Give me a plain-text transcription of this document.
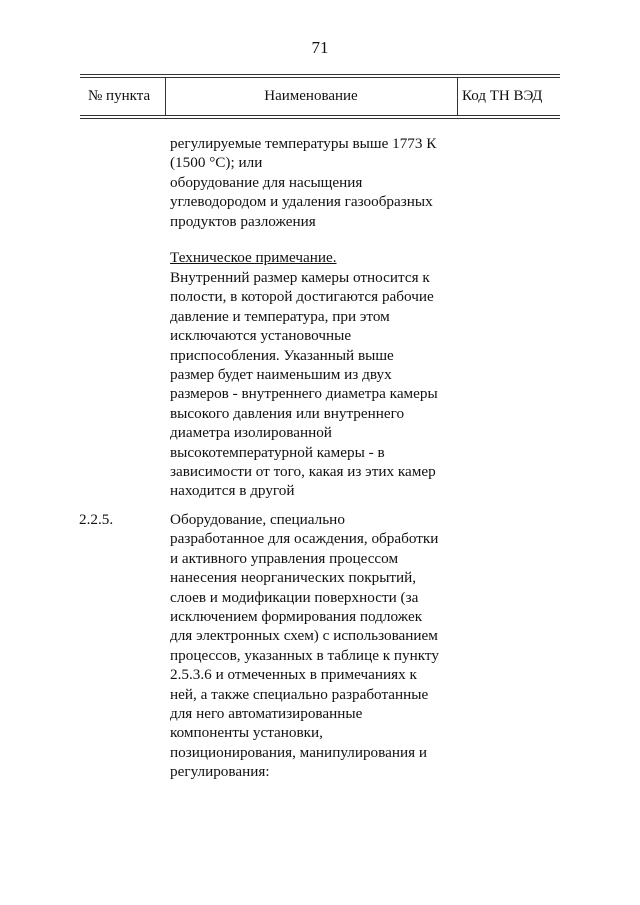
71
№ пункта	Наименование	Код ТН ВЭД
регулируемые температуры выше 1773 К
(1500 °С); или
оборудование для насыщения
углеводородом и удаления газообразных
продуктов разложения
Техническое примечание.
Внутренний размер камеры относится к
полости, в которой достигаются рабочие
давление и температура, при этом
исключаются установочные
приспособления. Указанный выше
размер будет наименьшим из двух
размеров - внутреннего диаметра камеры
высокого давления или внутреннего
диаметра изолированной
высокотемпературной камеры - в
зависимости от того, какая из этих камер
находится в другой
2.2.5.	Оборудование, специально
разработанное для осаждения, обработки
и активного управления процессом
нанесения неорганических покрытий,
слоев и модификации поверхности (за
исключением формирования подложек
для электронных схем) с использованием
процессов, указанных в таблице к пункту
2.5.3.6 и отмеченных в примечаниях к
ней, а также специально разработанные
для него автоматизированные
компоненты установки,
позиционирования, манипулирования и
регулирования:
